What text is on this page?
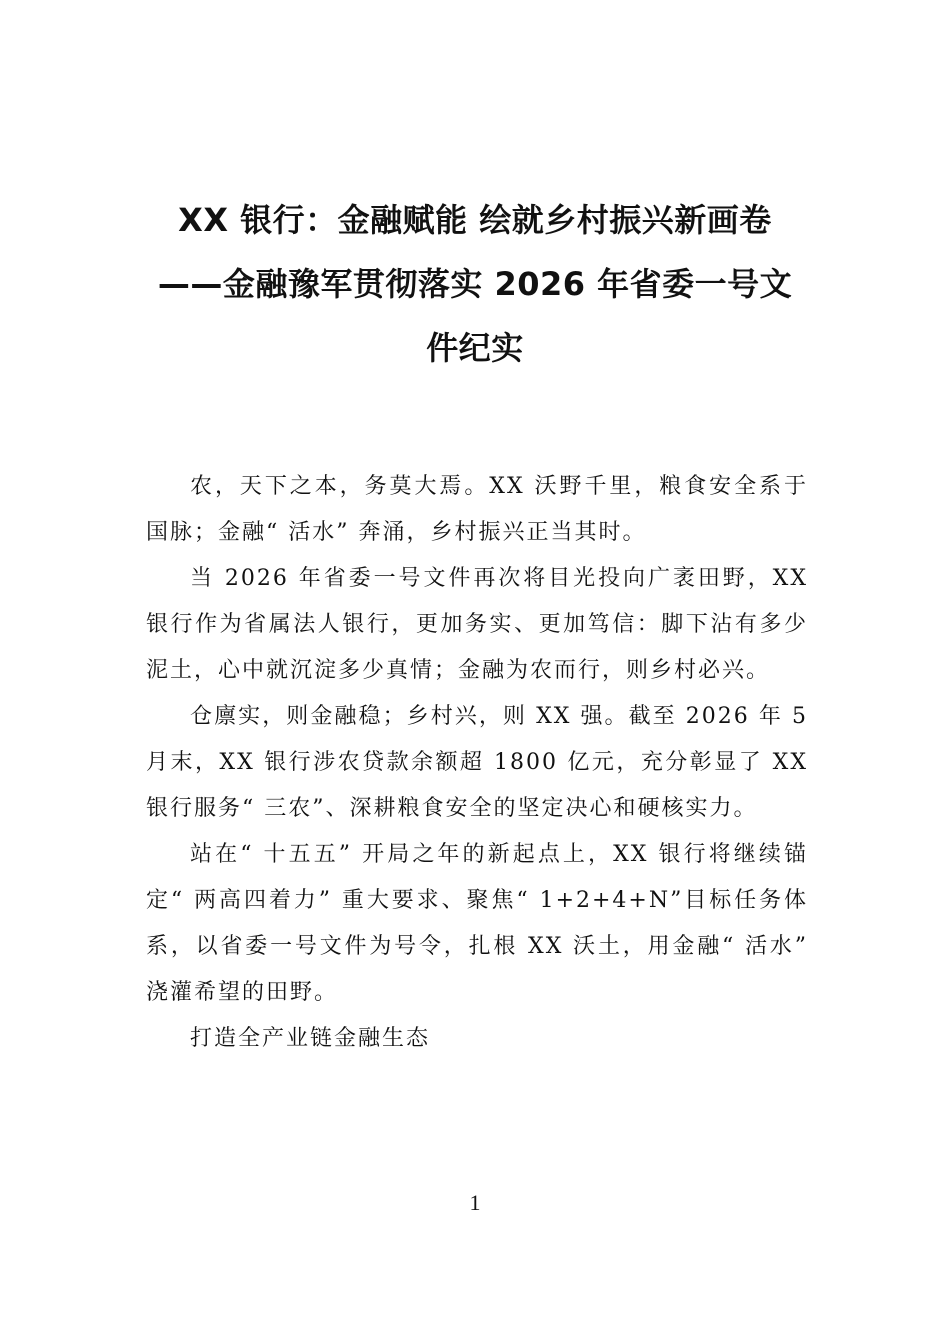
XX 银行：金融赋能 绘就乡村振兴新画卷
——金融豫军贯彻落实 2026 年省委一号文
件纪实

农，天下之本，务莫大焉。XX 沃野千里，粮食安全系于国脉；金融“ 活水” 奔涌，乡村振兴正当其时。

当 2026 年省委一号文件再次将目光投向广袤田野，XX 银行作为省属法人银行，更加务实、更加笃信：脚下沾有多少泥土，心中就沉淀多少真情；金融为农而行，则乡村必兴。

仓廪实，则金融稳；乡村兴，则 XX 强。截至 2026 年 5 月末，XX 银行涉农贷款余额超 1800 亿元，充分彰显了 XX 银行服务“ 三农”、深耕粮食安全的坚定决心和硬核实力。

站在“ 十五五” 开局之年的新起点上，XX 银行将继续锚定“ 两高四着力” 重大要求、聚焦“ 1+2+4+N”目标任务体系，以省委一号文件为号令，扎根 XX 沃土，用金融“ 活水” 浇灌希望的田野。

打造全产业链金融生态

1
